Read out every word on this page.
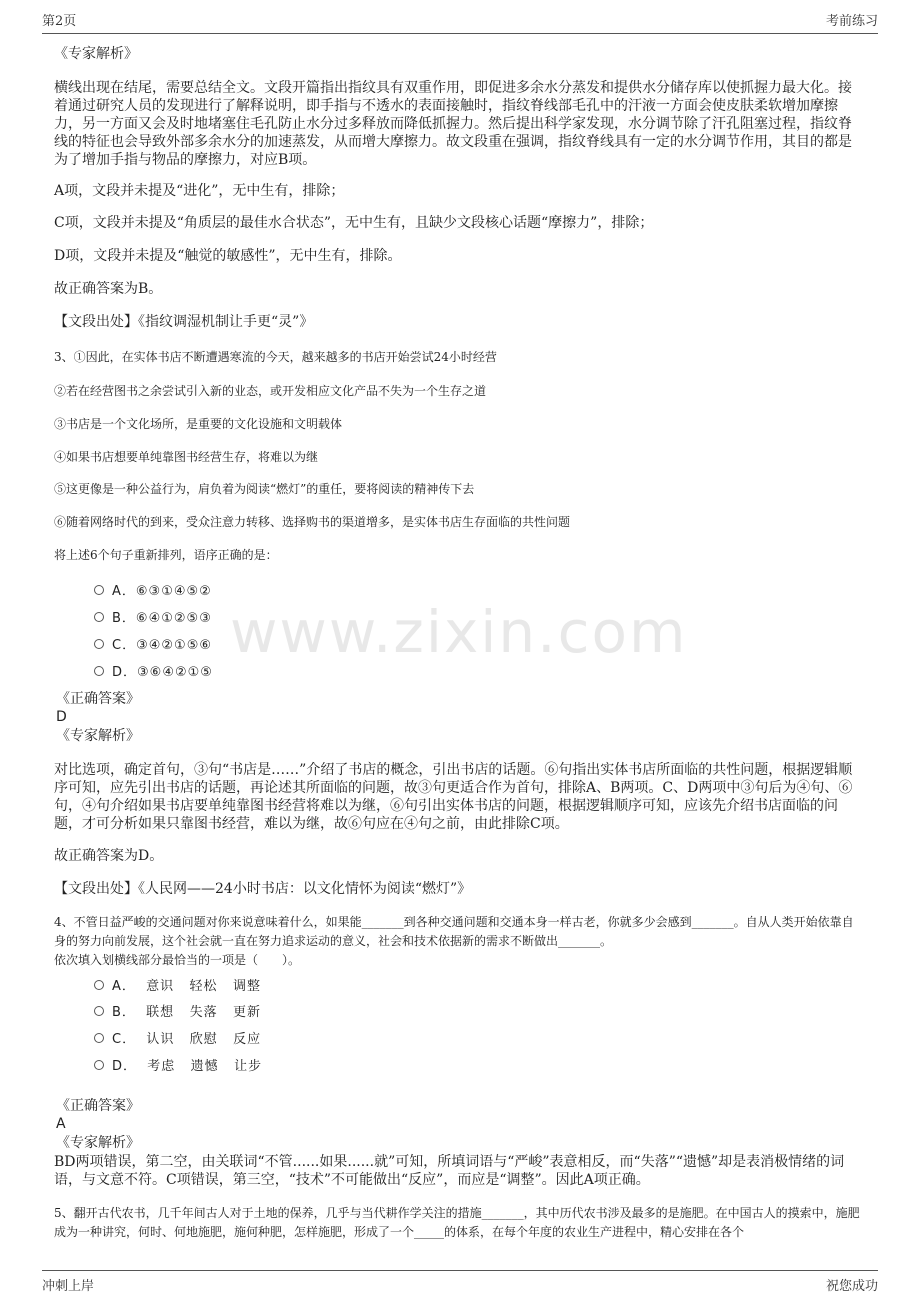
第2页	考前练习
www.zixin.com
《专家解析》
横线出现在结尾，需要总结全文。文段开篇指出指纹具有双重作用，即促进多余水分蒸发和提供水分储存库以使抓握力最大化。接着通过研究人员的发现进行了解释说明，即手指与不透水的表面接触时，指纹脊线部毛孔中的汗液一方面会使皮肤柔软增加摩擦力，另一方面又会及时地堵塞住毛孔防止水分过多释放而降低抓握力。然后提出科学家发现，水分调节除了汗孔阻塞过程，指纹脊线的特征也会导致外部多余水分的加速蒸发，从而增大摩擦力。故文段重在强调，指纹脊线具有一定的水分调节作用，其目的都是为了增加手指与物品的摩擦力，对应B项。
A项，文段并未提及“进化”，无中生有，排除；
C项，文段并未提及“角质层的最佳水合状态”，无中生有，且缺少文段核心话题“摩擦力”，排除；
D项，文段并未提及“触觉的敏感性”，无中生有，排除。
故正确答案为B。
【文段出处】《指纹调湿机制让手更“灵”》
3、①因此，在实体书店不断遭遇寒流的今天，越来越多的书店开始尝试24小时经营
②若在经营图书之余尝试引入新的业态，或开发相应文化产品不失为一个生存之道
③书店是一个文化场所，是重要的文化设施和文明载体
④如果书店想要单纯靠图书经营生存，将难以为继
⑤这更像是一种公益行为，肩负着为阅读“燃灯”的重任，要将阅读的精神传下去
⑥随着网络时代的到来，受众注意力转移、选择购书的渠道增多，是实体书店生存面临的共性问题
将上述6个句子重新排列，语序正确的是：
A．⑥③①④⑤②
B．⑥④①②⑤③
C．③④②①⑤⑥
D．③⑥④②①⑤
《正确答案》
D
《专家解析》
对比选项，确定首句，③句“书店是……”介绍了书店的概念，引出书店的话题。⑥句指出实体书店所面临的共性问题，根据逻辑顺序可知，应先引出书店的话题，再论述其所面临的问题，故③句更适合作为首句，排除A、B两项。C、D两项中③句后为④句、⑥句，④句介绍如果书店要单纯靠图书经营将难以为继，⑥句引出实体书店的问题，根据逻辑顺序可知，应该先介绍书店面临的问题，才可分析如果只靠图书经营，难以为继，故⑥句应在④句之前，由此排除C项。
故正确答案为D。
【文段出处】《人民网——24小时书店：以文化情怀为阅读“燃灯”》
4、不管日益严峻的交通问题对你来说意味着什么，如果能_______到各种交通问题和交通本身一样古老，你就多少会感到_______。自从人类开始依靠自身的努力向前发展，这个社会就一直在努力追求运动的意义，社会和技术依据新的需求不断做出_______。
依次填入划横线部分最恰当的一项是（　　）。
A．  意识   轻松   调整
B．  联想   失落   更新
C．  认识   欣慰   反应
D．  考虑   遗憾   让步
《正确答案》
A
《专家解析》
BD两项错误，第二空，由关联词“不管......如果......就”可知，所填词语与“严峻”表意相反，而“失落”“遗憾”却是表消极情绪的词语，与文意不符。C项错误，第三空，“技术”不可能做出“反应”，而应是“调整”。因此A项正确。
5、翻开古代农书，几千年间古人对于土地的保养，几乎与当代耕作学关注的措施_______，其中历代农书涉及最多的是施肥。在中国古人的摸索中，施肥成为一种讲究，何时、何地施肥，施何种肥，怎样施肥，形成了一个_____的体系，在每个年度的农业生产进程中，精心安排在各个
冲刺上岸	祝您成功
